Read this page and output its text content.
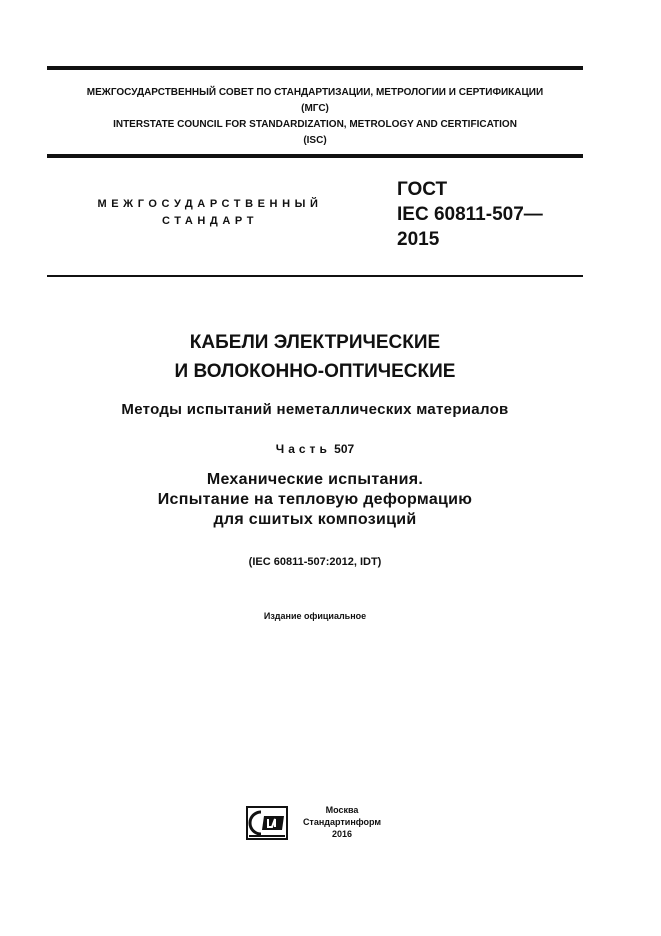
МЕЖГОСУДАРСТВЕННЫЙ СОВЕТ ПО СТАНДАРТИЗАЦИИ, МЕТРОЛОГИИ И СЕРТИФИКАЦИИ
(МГС)
INTERSTATE COUNCIL FOR STANDARDIZATION, METROLOGY AND CERTIFICATION
(ISC)
МЕЖГОСУДАРСТВЕННЫЙ
СТАНДАРТ
ГОСТ
IEC 60811-507—
2015
КАБЕЛИ ЭЛЕКТРИЧЕСКИЕ
И ВОЛОКОННО-ОПТИЧЕСКИЕ
Методы испытаний неметаллических материалов
Часть 507
Механические испытания.
Испытание на тепловую деформацию
для сшитых композиций
(IEC 60811-507:2012, IDT)
Издание официальное
Москва
Стандартинформ
2016
